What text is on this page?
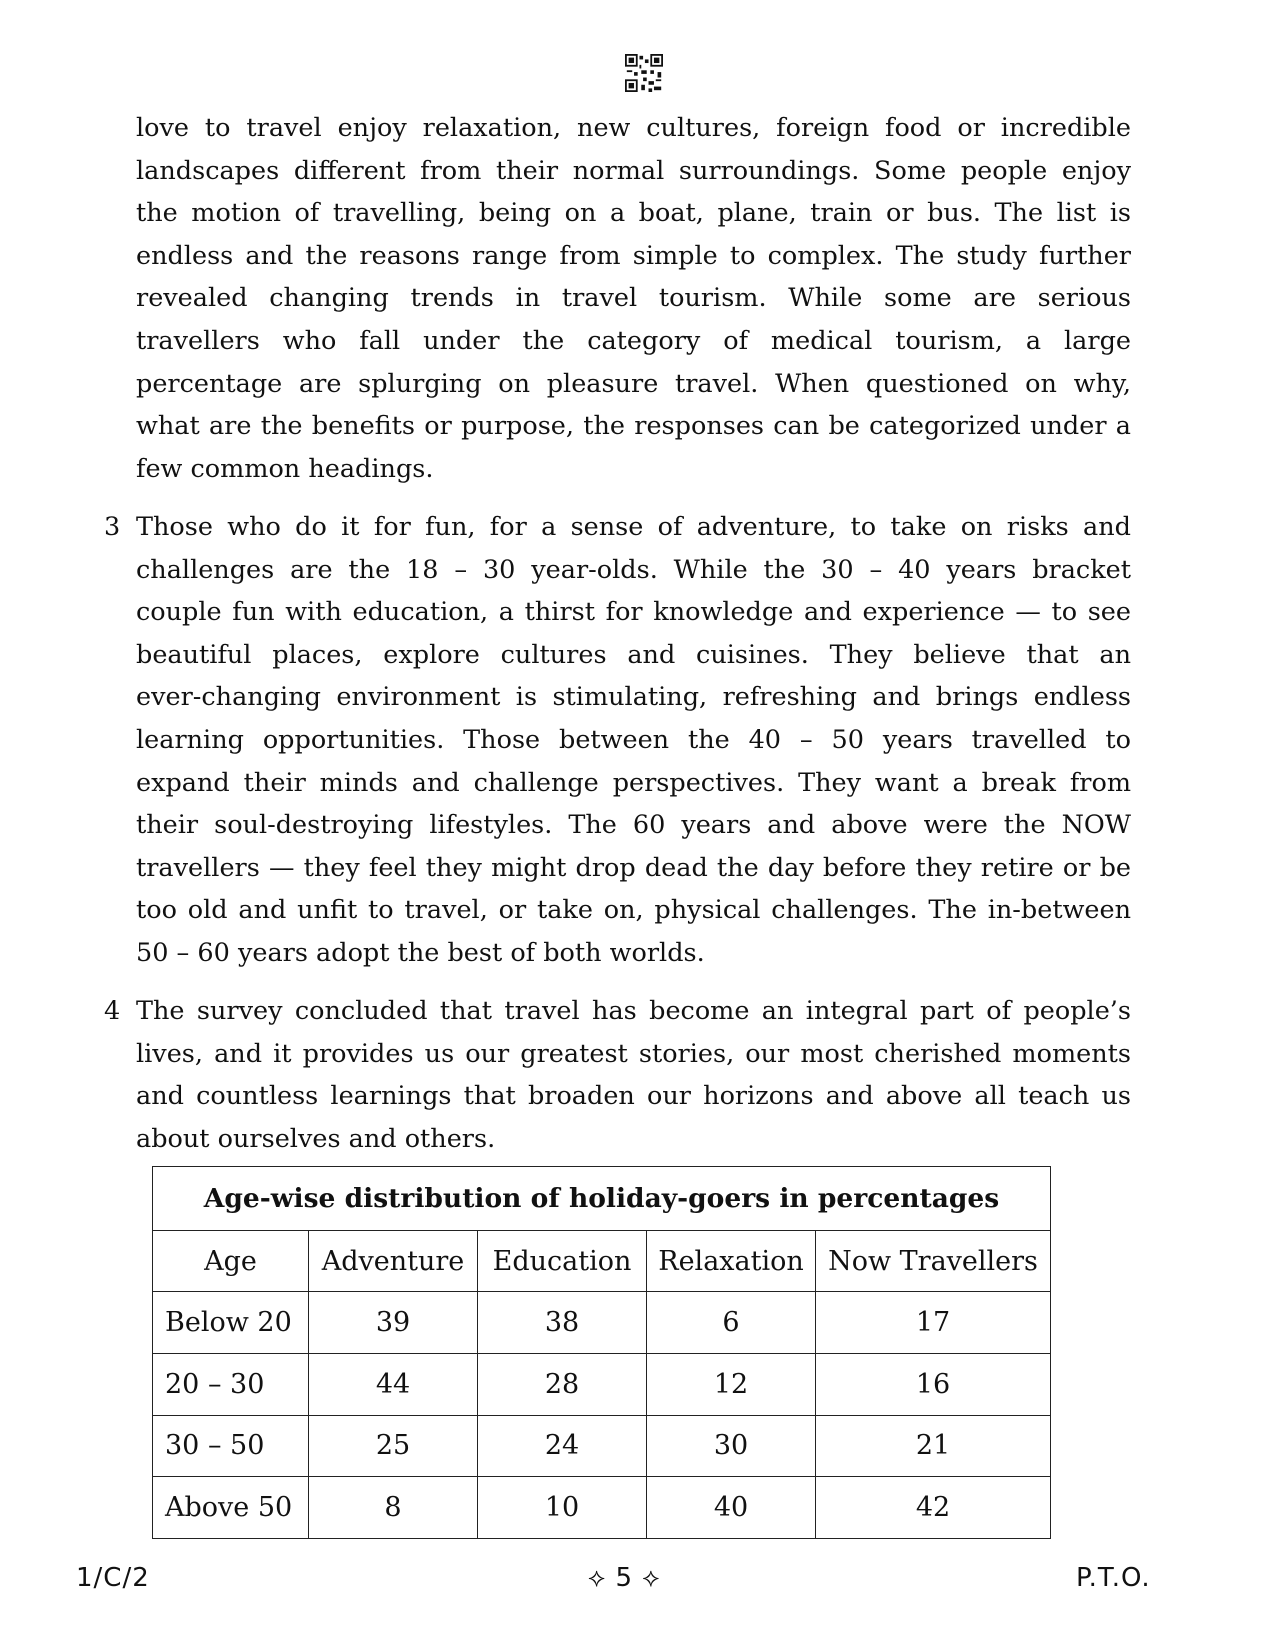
love to travel enjoy relaxation, new cultures, foreign food or incredible
landscapes different from their normal surroundings. Some people enjoy
the motion of travelling, being on a boat, plane, train or bus. The list is
endless and the reasons range from simple to complex. The study further
revealed changing trends in travel tourism. While some are serious
travellers who fall under the category of medical tourism, a large
percentage are splurging on pleasure travel. When questioned on why,
what are the benefits or purpose, the responses can be categorized under a
few common headings.
3 Those who do it for fun, for a sense of adventure, to take on risks and
challenges are the 18 – 30 year-olds. While the 30 – 40 years bracket
couple fun with education, a thirst for knowledge and experience — to see
beautiful places, explore cultures and cuisines. They believe that an
ever-changing environment is stimulating, refreshing and brings endless
learning opportunities. Those between the 40 – 50 years travelled to
expand their minds and challenge perspectives. They want a break from
their soul-destroying lifestyles. The 60 years and above were the NOW
travellers — they feel they might drop dead the day before they retire or be
too old and unfit to travel, or take on, physical challenges. The in-between
50 – 60 years adopt the best of both worlds.
4 The survey concluded that travel has become an integral part of people’s
lives, and it provides us our greatest stories, our most cherished moments
and countless learnings that broaden our horizons and above all teach us
about ourselves and others.
Age-wise distribution of holiday-goers in percentages				
Age	Adventure	Education	Relaxation	Now Travellers
Below 20	39	38	6	17
20 – 30	44	28	12	16
30 – 50	25	24	30	21
Above 50	8	10	40	42
1/C/2	⟡ 5 ⟡	P.T.O.
